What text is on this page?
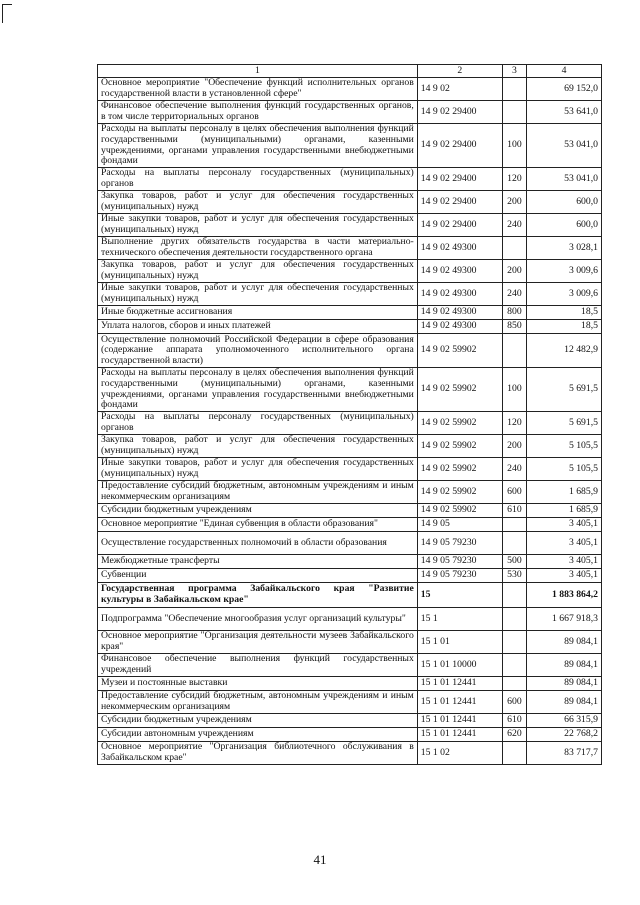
1	2	3	4
Основное мероприятие "Обеспечение функций исполнительных органов государственной власти в установленной сфере"	14 9 02		69 152,0
Финансовое обеспечение выполнения функций государственных органов, в том числе территориальных органов	14 9 02 29400		53 641,0
Расходы на выплаты персоналу в целях обеспечения выполнения функций государственными (муниципальными) органами, казенными учреждениями, органами управления государственными внебюджетными фондами	14 9 02 29400	100	53 041,0
Расходы на выплаты персоналу государственных (муниципальных) органов	14 9 02 29400	120	53 041,0
Закупка товаров, работ и услуг для обеспечения государственных (муниципальных) нужд	14 9 02 29400	200	600,0
Иные закупки товаров, работ и услуг для обеспечения государственных (муниципальных) нужд	14 9 02 29400	240	600,0
Выполнение других обязательств государства в части материально-технического обеспечения деятельности государственного органа	14 9 02 49300		3 028,1
Закупка товаров, работ и услуг для обеспечения государственных (муниципальных) нужд	14 9 02 49300	200	3 009,6
Иные закупки товаров, работ и услуг для обеспечения государственных (муниципальных) нужд	14 9 02 49300	240	3 009,6
Иные бюджетные ассигнования	14 9 02 49300	800	18,5
Уплата налогов, сборов и иных платежей	14 9 02 49300	850	18,5
Осуществление полномочий Российской Федерации в сфере образования (содержание аппарата уполномоченного исполнительного органа государственной власти)	14 9 02 59902		12 482,9
Расходы на выплаты персоналу в целях обеспечения выполнения функций государственными (муниципальными) органами, казенными учреждениями, органами управления государственными внебюджетными фондами	14 9 02 59902	100	5 691,5
Расходы на выплаты персоналу государственных (муниципальных) органов	14 9 02 59902	120	5 691,5
Закупка товаров, работ и услуг для обеспечения государственных (муниципальных) нужд	14 9 02 59902	200	5 105,5
Иные закупки товаров, работ и услуг для обеспечения государственных (муниципальных) нужд	14 9 02 59902	240	5 105,5
Предоставление субсидий бюджетным, автономным учреждениям и иным некоммерческим организациям	14 9 02 59902	600	1 685,9
Субсидии бюджетным учреждениям	14 9 02 59902	610	1 685,9
Основное мероприятие "Единая субвенция в области образования"	14 9 05		3 405,1
Осуществление государственных полномочий в области образования	14 9 05 79230		3 405,1
Межбюджетные трансферты	14 9 05 79230	500	3 405,1
Субвенции	14 9 05 79230	530	3 405,1
Государственная программа Забайкальского края "Развитие культуры в Забайкальском крае"	15		1 883 864,2
Подпрограмма "Обеспечение многообразия услуг организаций культуры"	15 1		1 667 918,3
Основное мероприятие "Организация деятельности музеев Забайкальского края"	15 1 01		89 084,1
Финансовое обеспечение выполнения функций государственных учреждений	15 1 01 10000		89 084,1
Музеи и постоянные выставки	15 1 01 12441		89 084,1
Предоставление субсидий бюджетным, автономным учреждениям и иным некоммерческим организациям	15 1 01 12441	600	89 084,1
Субсидии бюджетным учреждениям	15 1 01 12441	610	66 315,9
Субсидии автономным учреждениям	15 1 01 12441	620	22 768,2
Основное мероприятие "Организация библиотечного обслуживания в Забайкальском крае"	15 1 02		83 717,7
41
